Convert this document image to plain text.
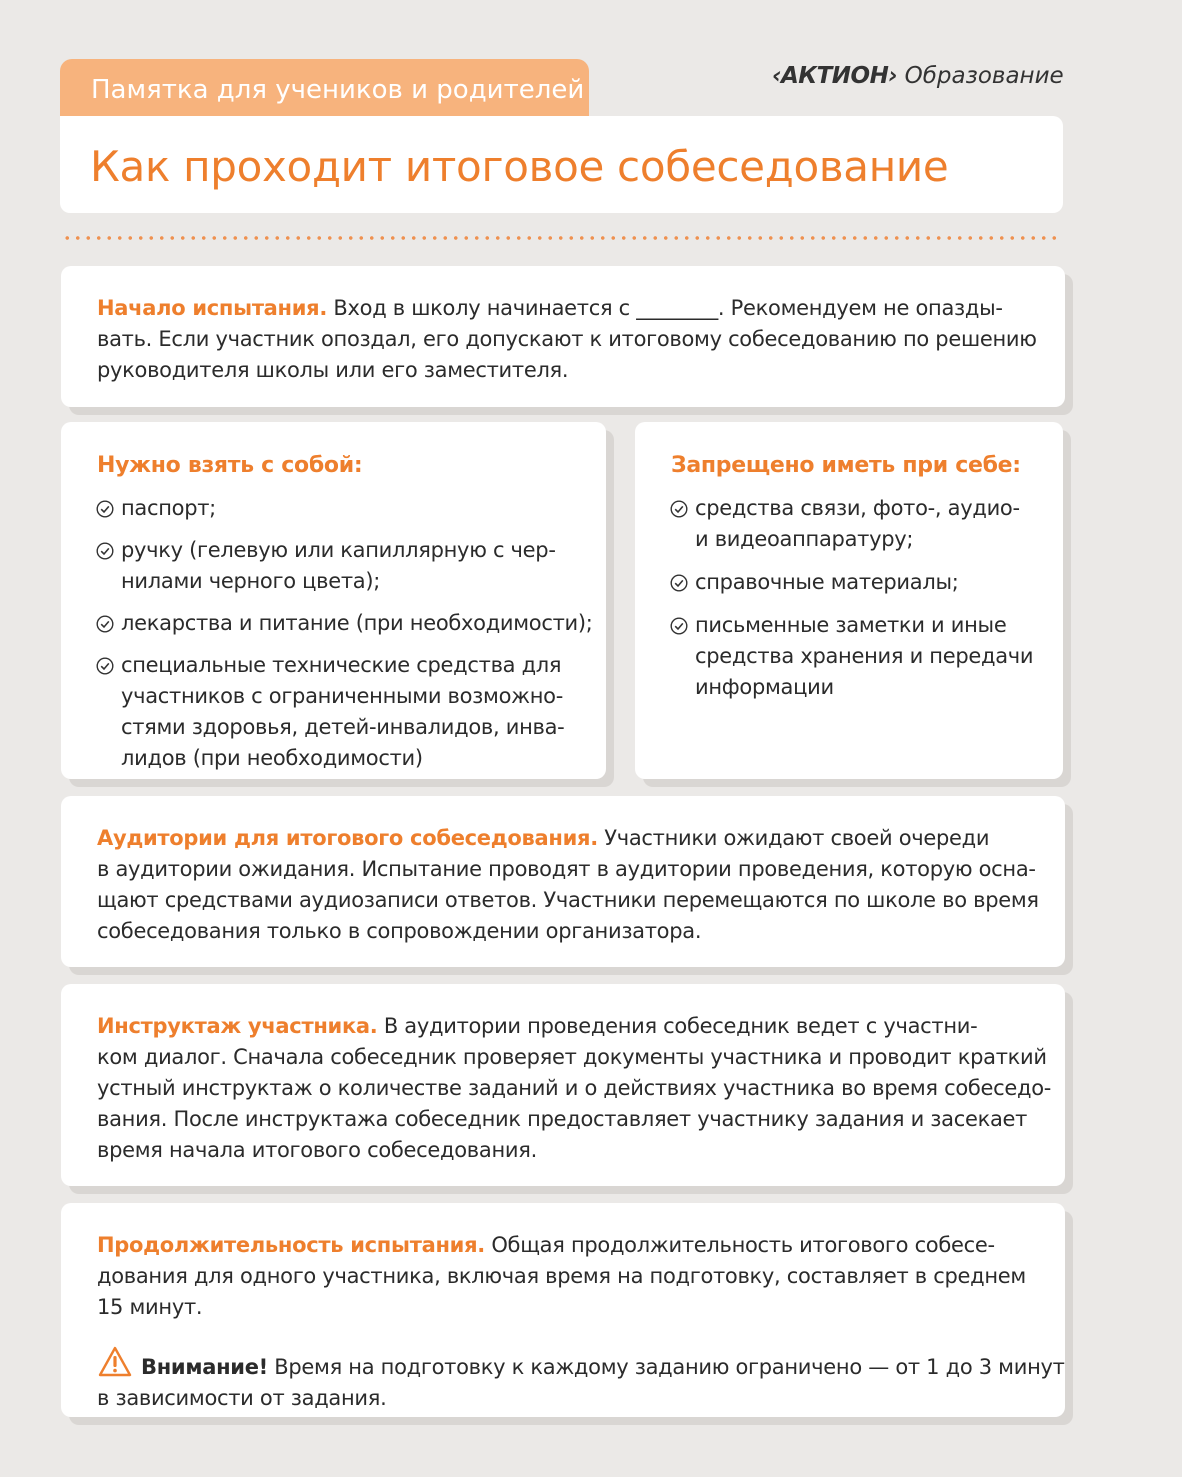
Памятка для учеников и родителей	‹АКТИОН› Образование
Как проходит итоговое собеседование

Начало испытания. Вход в школу начинается с ________. Рекомендуем не опазды-

вать. Если участник опоздал, его допускают к итоговому собеседованию по решению

руководителя школы или его заместителя.

Нужно взять с собой:

паспорт;
ручку (гелевую или капиллярную с чер-
нилами черного цвета);
лекарства и питание (при необходимости);
специальные технические средства для
участников с ограниченными возможно-
стями здоровья, детей-инвалидов, инва-
лидов (при необходимости)

Запрещено иметь при себе:

средства связи, фото-, аудио-
и видеоаппаратуру;
справочные материалы;
письменные заметки и иные
средства хранения и передачи
информации

Аудитории для итогового собеседования. Участники ожидают своей очереди

в аудитории ожидания. Испытание проводят в аудитории проведения, которую осна-

щают средствами аудиозаписи ответов. Участники перемещаются по школе во время

собеседования только в сопровождении организатора.

Инструктаж участника. В аудитории проведения собеседник ведет с участни-

ком диалог. Сначала собеседник проверяет документы участника и проводит краткий

устный инструктаж о количестве заданий и о действиях участника во время собеседо-

вания. После инструктажа собеседник предоставляет участнику задания и засекает

время начала итогового собеседования.

Продолжительность испытания. Общая продолжительность итогового собесе-

дования для одного участника, включая время на подготовку, составляет в среднем

15 минут.

Внимание! Время на подготовку к каждому заданию ограничено — от 1 до 3 минут

в зависимости от задания.
